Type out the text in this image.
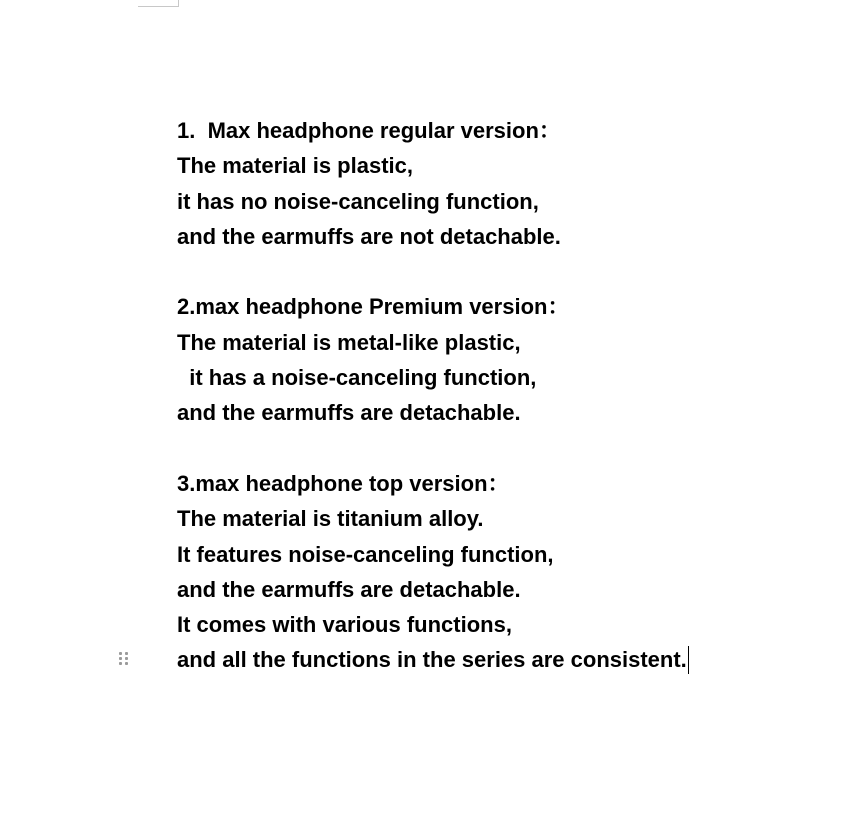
1.  Max headphone regular version：
The material is plastic,
it has no noise-canceling function,
and the earmuffs are not detachable.
2.max headphone Premium version：
The material is metal-like plastic,
it has a noise-canceling function,
and the earmuffs are detachable.
3.max headphone top version：
The material is titanium alloy.
It features noise-canceling function,
and the earmuffs are detachable.
It comes with various functions,
and all the functions in the series are consistent.
